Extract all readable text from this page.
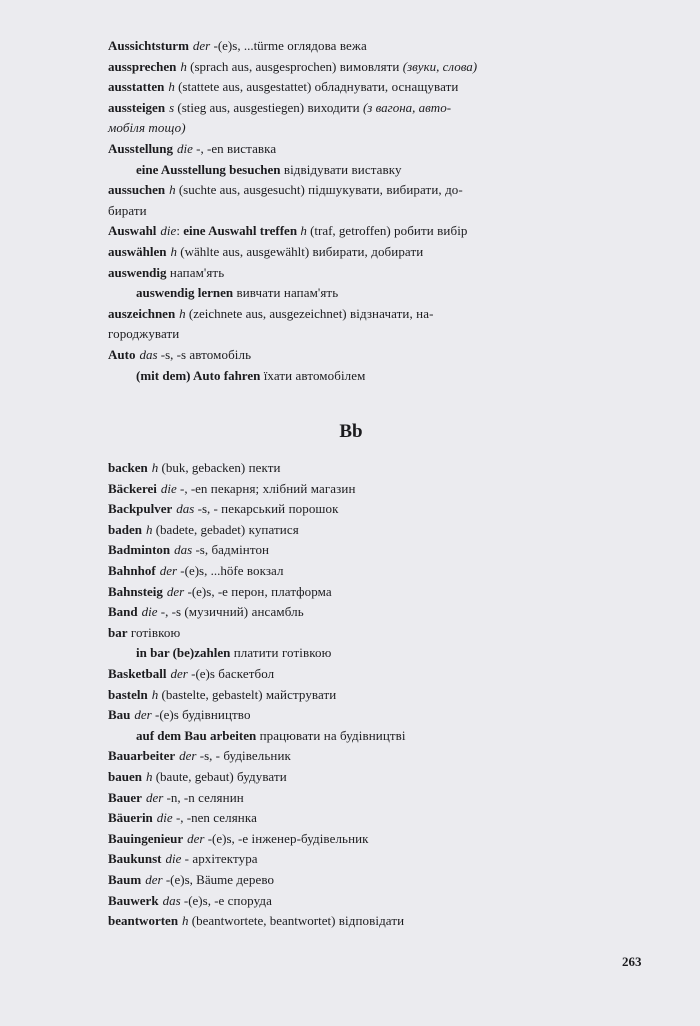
Aussichtsturm der -(e)s, ...türme оглядова вежа
aussprechen h (sprach aus, ausgesprochen) вимовляти (звуки, слова)
ausstatten h (stattete aus, ausgestattet) обладнувати, оснащувати
aussteigen s (stieg aus, ausgestiegen) виходити (з вагона, авто-
мобіля тощо)
Ausstellung die -, -en виставка
eine Ausstellung besuchen відвідувати виставку
aussuchen h (suchte aus, ausgesucht) підшукувати, вибирати, до-
бирати
Auswahl die: eine Auswahl treffen h (traf, getroffen) робити вибір
auswählen h (wählte aus, ausgewählt) вибирати, добирати
auswendig напам'ять
auswendig lernen вивчати напам'ять
auszeichnen h (zeichnete aus, ausgezeichnet) відзначати, на-
городжувати
Auto das -s, -s автомобіль
(mit dem) Auto fahren їхати автомобілем
Bb
backen h (buk, gebacken) пекти
Bäckerei die -, -en пекарня; хлібний магазин
Backpulver das -s, - пекарський порошок
baden h (badete, gebadet) купатися
Badminton das -s, бадмінтон
Bahnhof der -(e)s, ...höfe вокзал
Bahnsteig der -(e)s, -e перон, платформа
Band die -, -s (музичний) ансамбль
bar готівкою
in bar (be)zahlen платити готівкою
Basketball der -(e)s баскетбол
basteln h (bastelte, gebastelt) майструвати
Bau der -(e)s будівництво
auf dem Bau arbeiten працювати на будівництві
Bauarbeiter der -s, - будівельник
bauen h (baute, gebaut) будувати
Bauer der -n, -n селянин
Bäuerin die -, -nen селянка
Bauingenieur der -(e)s, -e інженер-будівельник
Baukunst die - архітектура
Baum der -(e)s, Bäume дерево
Bauwerk das -(e)s, -e споруда
beantworten h (beantwortete, beantwortet) відповідати
263
